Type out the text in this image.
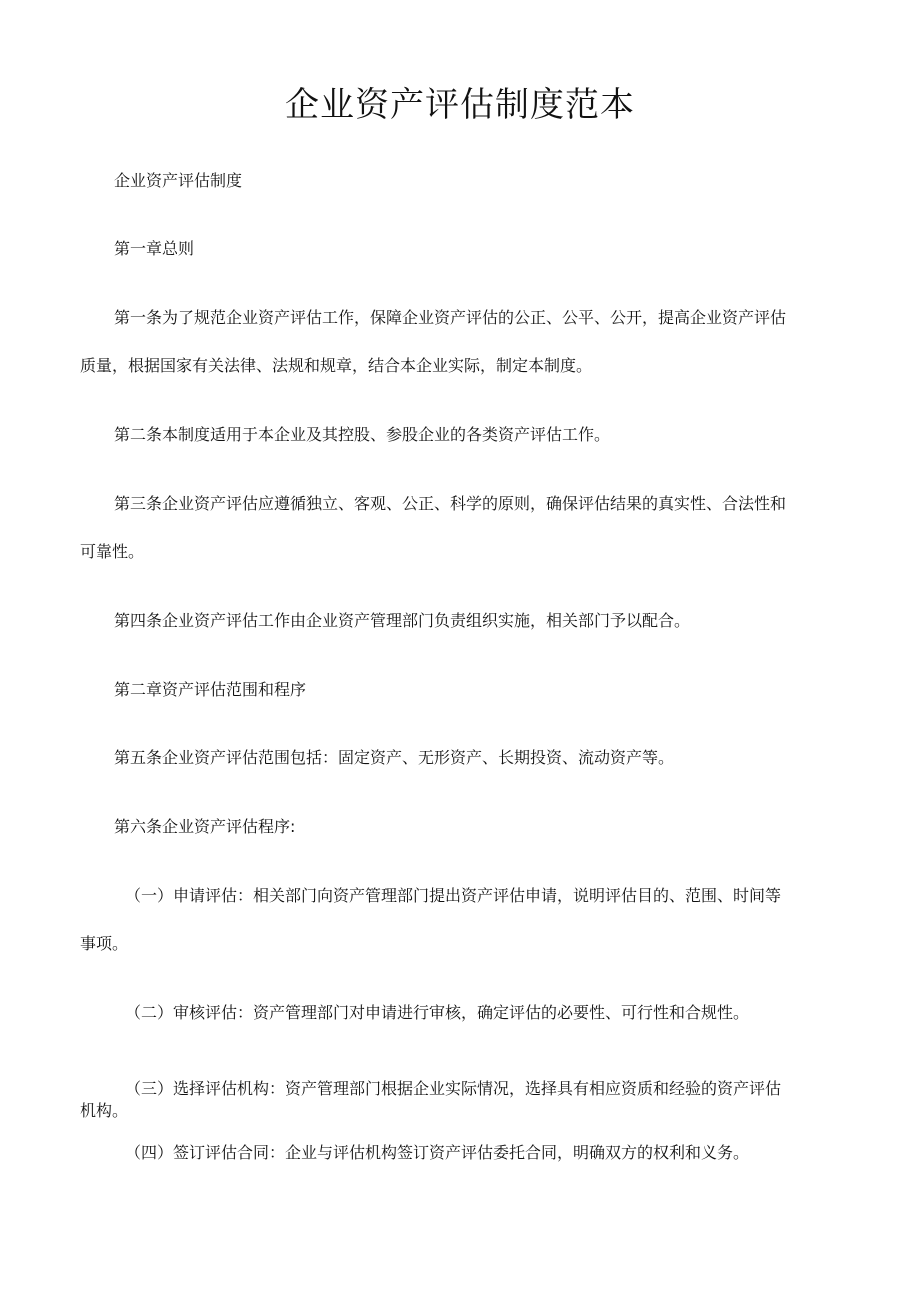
企业资产评估制度范本

企业资产评估制度

第一章总则

第一条为了规范企业资产评估工作，保障企业资产评估的公正、公平、公开，提高企业资产评估

质量，根据国家有关法律、法规和规章，结合本企业实际，制定本制度。

第二条本制度适用于本企业及其控股、参股企业的各类资产评估工作。

第三条企业资产评估应遵循独立、客观、公正、科学的原则，确保评估结果的真实性、合法性和

可靠性。

第四条企业资产评估工作由企业资产管理部门负责组织实施，相关部门予以配合。

第二章资产评估范围和程序

第五条企业资产评估范围包括：固定资产、无形资产、长期投资、流动资产等。

第六条企业资产评估程序:

（一）申请评估：相关部门向资产管理部门提出资产评估申请，说明评估目的、范围、时间等

事项。

（二）审核评估：资产管理部门对申请进行审核，确定评估的必要性、可行性和合规性。

（三）选择评估机构：资产管理部门根据企业实际情况，选择具有相应资质和经验的资产评估

机构。

（四）签订评估合同：企业与评估机构签订资产评估委托合同，明确双方的权利和义务。
